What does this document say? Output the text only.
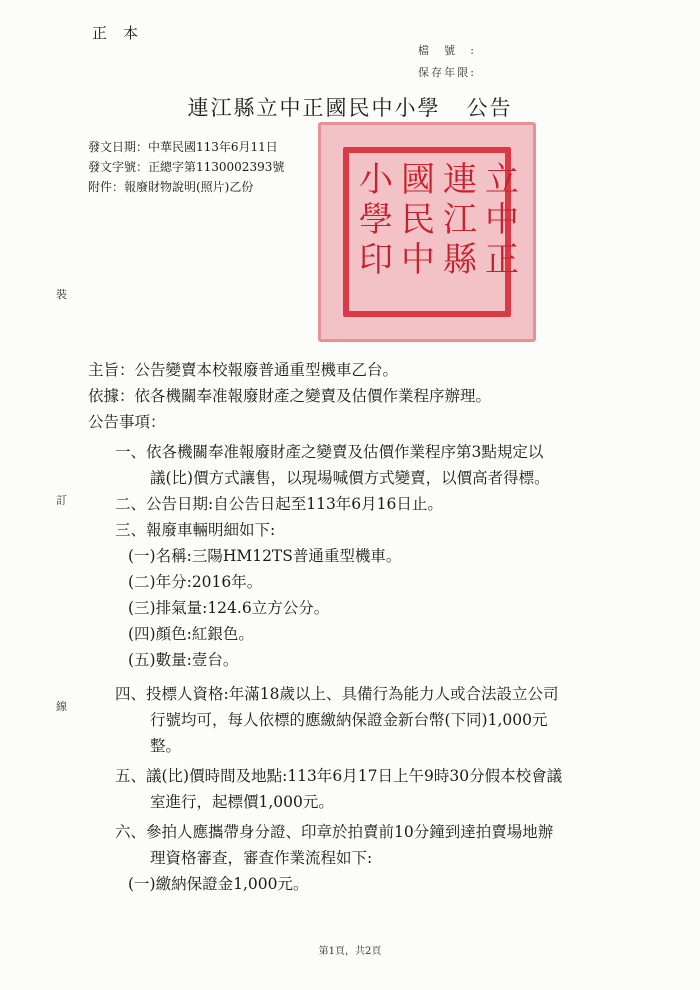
正本
檔號:
保存年限:
連江縣立中正國民中小學 公告
發文日期：中華民國113年6月11日
發文字號：正總字第1130002393號
附件：報廢財物說明(照片)乙份	連
江
縣
立
中
正
國
民
中
小
學
印
裝
訂
線
主旨：公告變賣本校報廢普通重型機車乙台。
依據：依各機關奉准報廢財產之變賣及估價作業程序辦理。
公告事項：
一、依各機關奉准報廢財產之變賣及估價作業程序第3點規定以
議(比)價方式讓售，以現場喊價方式變賣，以價高者得標。
二、公告日期:自公告日起至113年6月16日止。
三、報廢車輛明細如下:
(一)名稱:三陽HM12TS普通重型機車。
(二)年分:2016年。
(三)排氣量:124.6立方公分。
(四)顏色:紅銀色。
(五)數量:壹台。
四、投標人資格:年滿18歲以上、具備行為能力人或合法設立公司
行號均可，每人依標的應繳納保證金新台幣(下同)1,000元
整。
五、議(比)價時間及地點:113年6月17日上午9時30分假本校會議
室進行，起標價1,000元。
六、參拍人應攜帶身分證、印章於拍賣前10分鐘到達拍賣場地辦
理資格審查，審查作業流程如下:
(一)繳納保證金1,000元。
第1頁，共2頁
